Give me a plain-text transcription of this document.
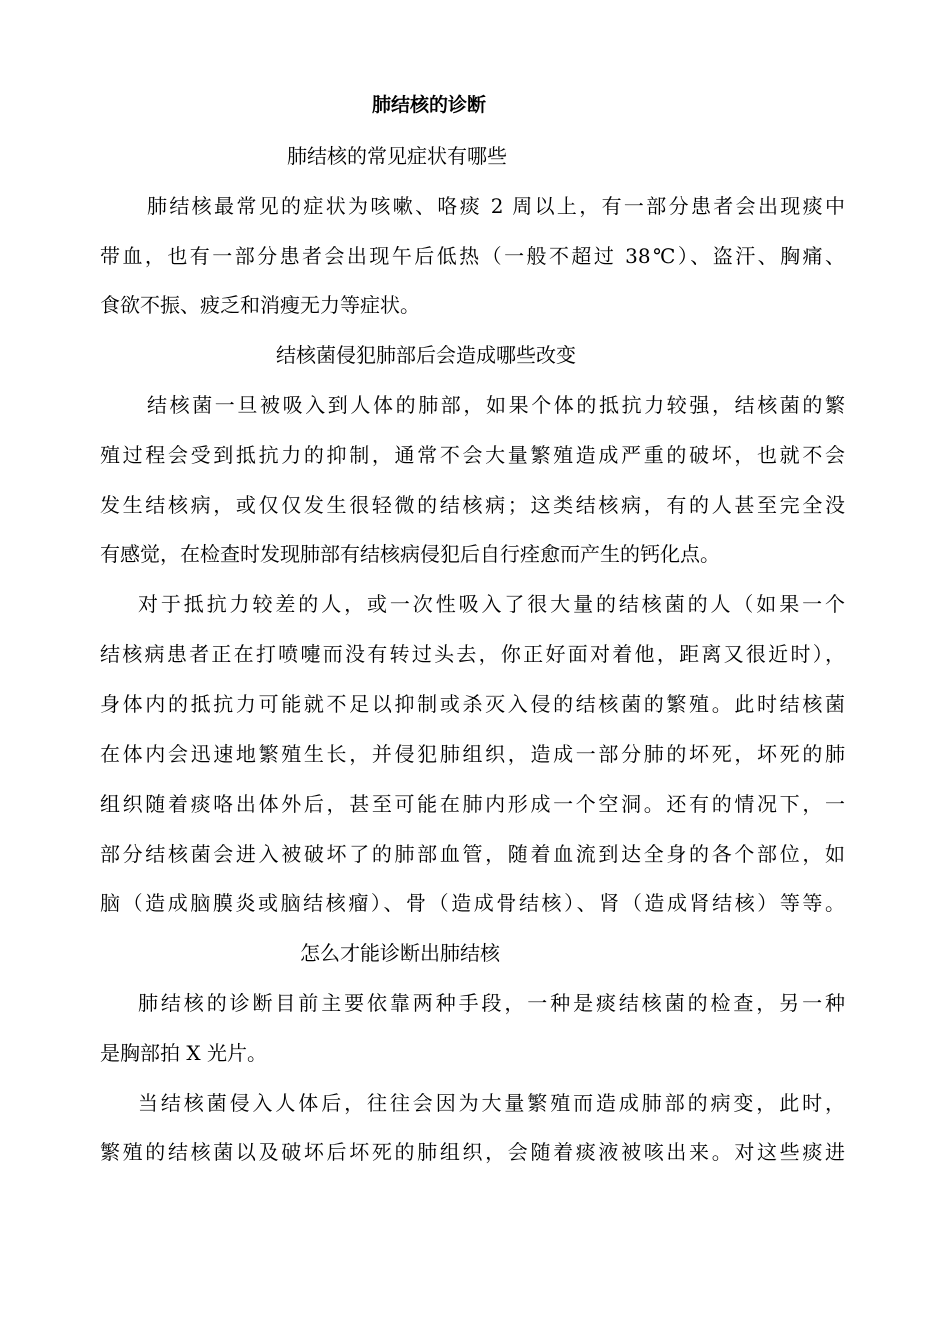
肺结核的诊断

肺结核的常见症状有哪些

肺结核最常见的症状为咳嗽、咯痰 2 周以上，有一部分患者会出现痰中

带血，也有一部分患者会出现午后低热（一般不超过 38℃）、盗汗、胸痛、

食欲不振、疲乏和消瘦无力等症状。

结核菌侵犯肺部后会造成哪些改变

结核菌一旦被吸入到人体的肺部，如果个体的抵抗力较强，结核菌的繁

殖过程会受到抵抗力的抑制，通常不会大量繁殖造成严重的破坏，也就不会

发生结核病，或仅仅发生很轻微的结核病；这类结核病，有的人甚至完全没

有感觉，在检查时发现肺部有结核病侵犯后自行痊愈而产生的钙化点。

对于抵抗力较差的人，或一次性吸入了很大量的结核菌的人（如果一个

结核病患者正在打喷嚏而没有转过头去，你正好面对着他，距离又很近时），

身体内的抵抗力可能就不足以抑制或杀灭入侵的结核菌的繁殖。此时结核菌

在体内会迅速地繁殖生长，并侵犯肺组织，造成一部分肺的坏死，坏死的肺

组织随着痰咯出体外后，甚至可能在肺内形成一个空洞。还有的情况下，一

部分结核菌会进入被破坏了的肺部血管，随着血流到达全身的各个部位，如

脑（造成脑膜炎或脑结核瘤）、骨（造成骨结核）、肾（造成肾结核）等等。

怎么才能诊断出肺结核

肺结核的诊断目前主要依靠两种手段，一种是痰结核菌的检查，另一种

是胸部拍 X 光片。

当结核菌侵入人体后，往往会因为大量繁殖而造成肺部的病变，此时，

繁殖的结核菌以及破坏后坏死的肺组织，会随着痰液被咳出来。对这些痰进
